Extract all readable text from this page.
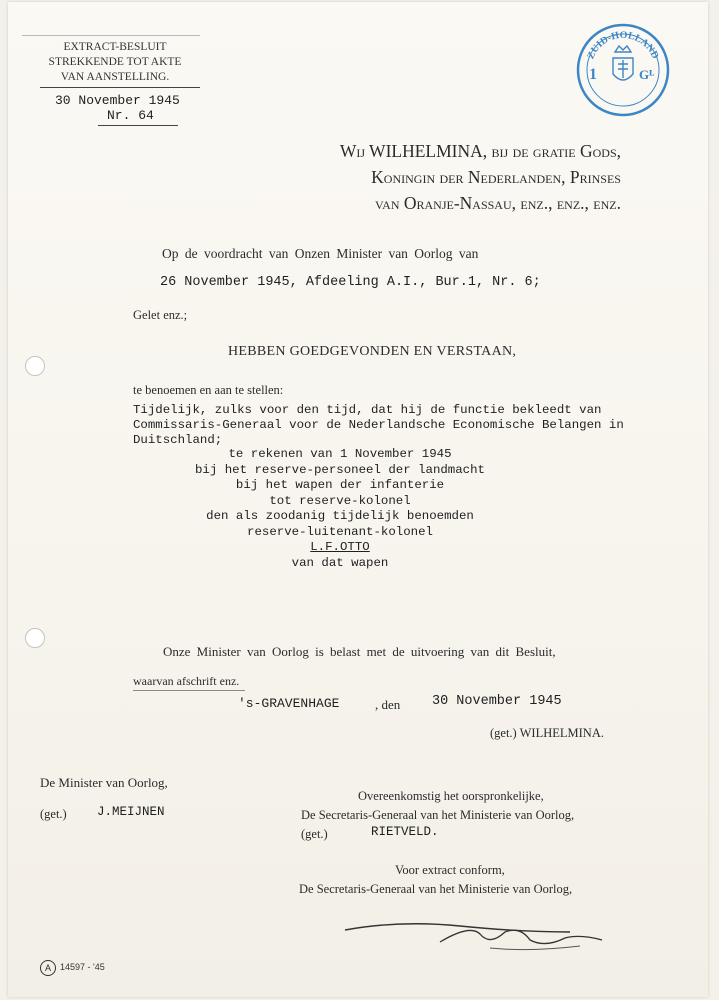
EXTRACT-BESLUIT
STREKKENDE TOT AKTE
VAN AANSTELLING.
30 November 1945
Nr. 64
ZUID-HOLLAND
1	Gᴸ
Wij WILHELMINA, bij de gratie Gods,
Koningin der Nederlanden, Prinses
van Oranje-Nassau, enz., enz., enz.
Op de voordracht van Onzen Minister van Oorlog van
26 November 1945, Afdeeling A.I., Bur.1, Nr. 6;
Gelet enz.;
HEBBEN GOEDGEVONDEN EN VERSTAAN,
te benoemen en aan te stellen:
Tijdelijk, zulks voor den tijd, dat hij de functie bekleedt van
Commissaris-Generaal voor de Nederlandsche Economische Belangen in
Duitschland;
te rekenen van 1 November 1945
bij het reserve-personeel der landmacht
bij het wapen der infanterie
tot reserve-kolonel
den als zoodanig tijdelijk benoemden
reserve-luitenant-kolonel
L.F.OTTO
van dat wapen
Onze Minister van Oorlog is belast met de uitvoering van dit Besluit,
waarvan afschrift enz.
's-GRAVENHAGE	, den 30 November 1945
(get.) WILHELMINA.
De Minister van Oorlog,
(get.) J.MEIJNEN
Overeenkomstig het oorspronkelijke,
De Secretaris-Generaal van het Ministerie van Oorlog,
(get.)	RIETVELD.
Voor extract conform,
De Secretaris-Generaal van het Ministerie van Oorlog,
A	14597 - '45
